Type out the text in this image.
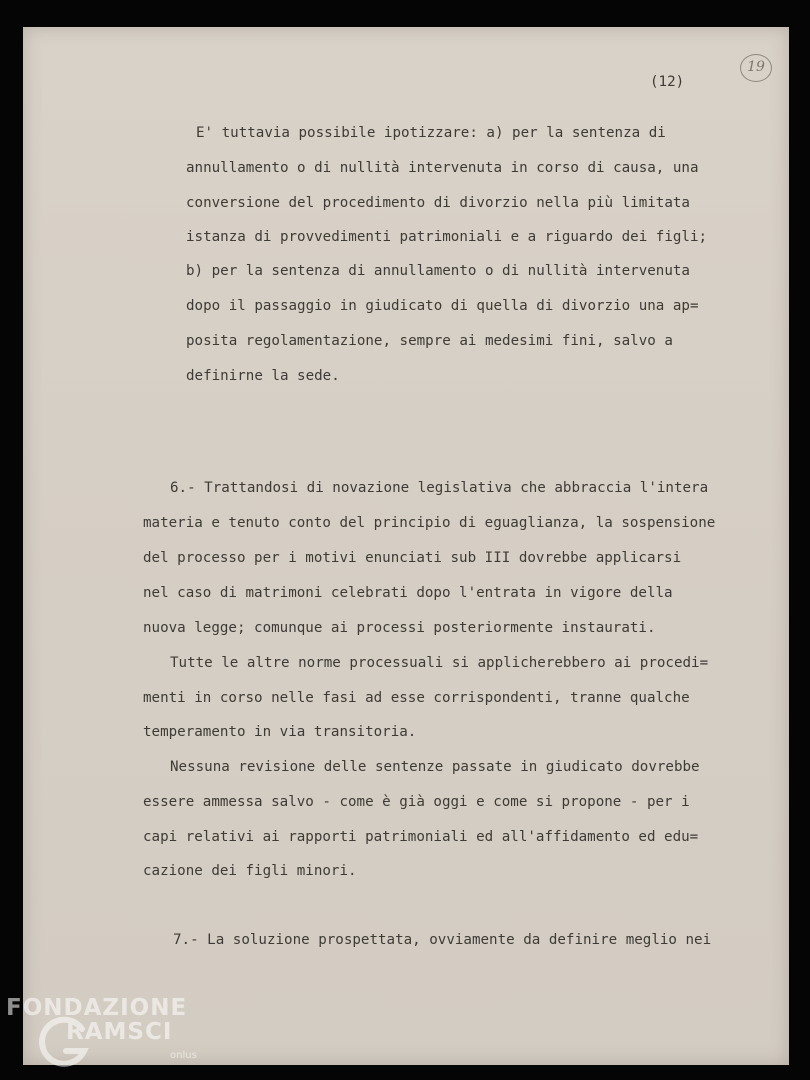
(12)

19

E' tuttavia possibile ipotizzare: a) per la sentenza di

annullamento o di nullità intervenuta in corso di causa, una

conversione del procedimento di divorzio nella più limitata

istanza di provvedimenti patrimoniali e a riguardo dei figli;

b) per la sentenza di annullamento o di nullità intervenuta

dopo il passaggio in giudicato di quella di divorzio una ap=

posita regolamentazione, sempre ai medesimi fini, salvo a

definirne la sede.

6.- Trattandosi di novazione legislativa che abbraccia l'intera

materia e tenuto conto del principio di eguaglianza, la sospensione

del processo per i motivi enunciati sub III dovrebbe applicarsi

nel caso di matrimoni celebrati dopo l'entrata in vigore della

nuova legge; comunque ai processi posteriormente instaurati.

Tutte le altre norme processuali si applicherebbero ai procedi=

menti in corso nelle fasi ad esse corrispondenti, tranne qualche

temperamento in via transitoria.

Nessuna revisione delle sentenze passate in giudicato dovrebbe

essere ammessa salvo - come è già oggi e come si propone - per i

capi relativi ai rapporti patrimoniali ed all'affidamento ed edu=

cazione dei figli minori.

7.- La soluzione prospettata, ovviamente da definire meglio nei

FONDAZIONE

RAMSCI

onlus
